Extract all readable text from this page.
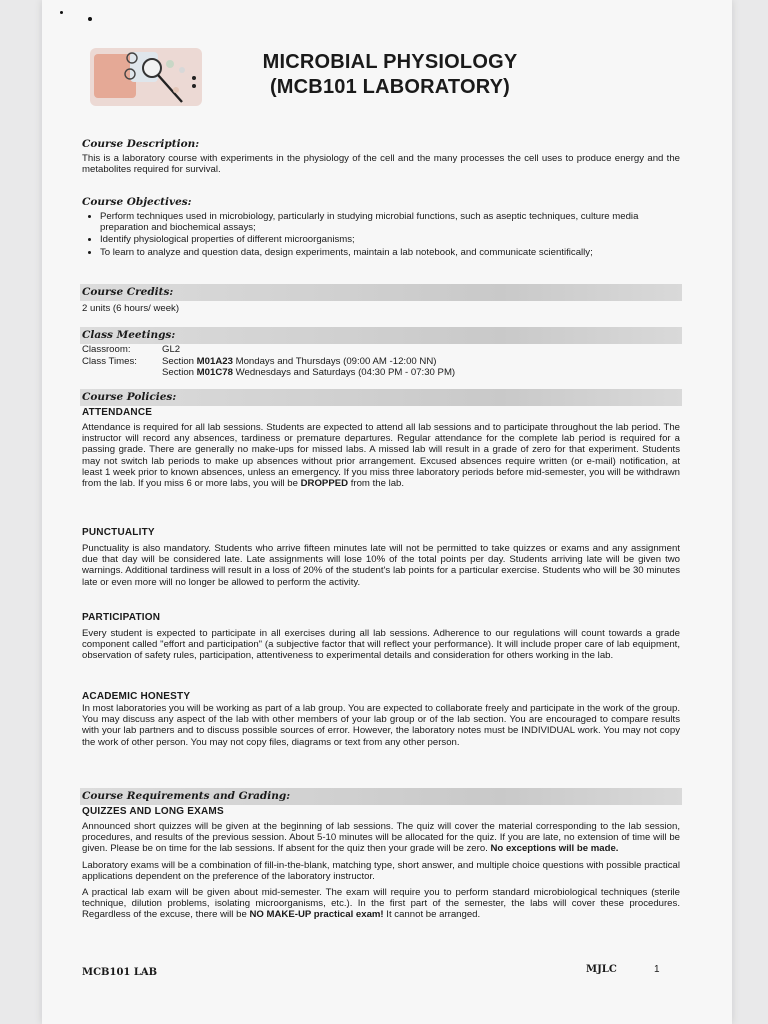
MICROBIAL PHYSIOLOGY
(MCB101 LABORATORY)
Course Description:

This is a laboratory course with experiments in the physiology of the cell and the many processes the cell uses to produce energy and the metabolites required for survival.

Course Objectives:
• Perform techniques used in microbiology, particularly in studying microbial functions, such as aseptic techniques, culture media preparation and biochemical assays;
• Identify physiological properties of different microorganisms;
• To learn to analyze and question data, design experiments, maintain a lab notebook, and communicate scientifically;
Course Credits:

2 units (6 hours/ week)

Class Meetings:
Classroom:	GL2
Class Times:	Section M01A23 Mondays and Thursdays (09:00 AM -12:00 NN)
Section M01C78 Wednesdays and Saturdays (04:30 PM - 07:30 PM)
Course Policies:
ATTENDANCE

Attendance is required for all lab sessions. Students are expected to attend all lab sessions and to participate throughout the lab period. The instructor will record any absences, tardiness or premature departures. Regular attendance for the complete lab period is required for a passing grade. There are generally no make-ups for missed labs. A missed lab will result in a grade of zero for that experiment. Students may not switch lab periods to make up absences without prior arrangement. Excused absences require written (or e-mail) notification, at least 1 week prior to known absences, unless an emergency. If you miss three laboratory periods before mid-semester, you will be withdrawn from the lab. If you miss 6 or more labs, you will be DROPPED from the lab.

PUNCTUALITY

Punctuality is also mandatory. Students who arrive fifteen minutes late will not be permitted to take quizzes or exams and any assignment due that day will be considered late. Late assignments will lose 10% of the total points per day. Students arriving late will be given two warnings. Additional tardiness will result in a loss of 20% of the student's lab points for a particular exercise. Students who will be 30 minutes late or even more will no longer be allowed to perform the activity.

PARTICIPATION

Every student is expected to participate in all exercises during all lab sessions. Adherence to our regulations will count towards a grade component called "effort and participation" (a subjective factor that will reflect your performance). It will include proper care of lab equipment, observation of safety rules, participation, attentiveness to experimental details and consideration for others working in the lab.

ACADEMIC HONESTY

In most laboratories you will be working as part of a lab group. You are expected to collaborate freely and participate in the work of the group. You may discuss any aspect of the lab with other members of your lab group or of the lab section. You are encouraged to compare results with your lab partners and to discuss possible sources of error. However, the laboratory notes must be INDIVIDUAL work. You may not copy the work of other person. You may not copy files, diagrams or text from any other person.

Course Requirements and Grading:
QUIZZES AND LONG EXAMS

Announced short quizzes will be given at the beginning of lab sessions. The quiz will cover the material corresponding to the lab session, procedures, and results of the previous session. About 5-10 minutes will be allocated for the quiz. If you are late, no extension of time will be given. Please be on time for the lab sessions. If absent for the quiz then your grade will be zero. No exceptions will be made.

Laboratory exams will be a combination of fill-in-the-blank, matching type, short answer, and multiple choice questions with possible practical applications dependent on the preference of the laboratory instructor.

A practical lab exam will be given about mid-semester. The exam will require you to perform standard microbiological techniques (sterile technique, dilution problems, isolating microorganisms, etc.). In the first part of the semester, the labs will cover these procedures. Regardless of the excuse, there will be NO MAKE-UP practical exam! It cannot be arranged.

MCB101 LAB	MJLC	1
